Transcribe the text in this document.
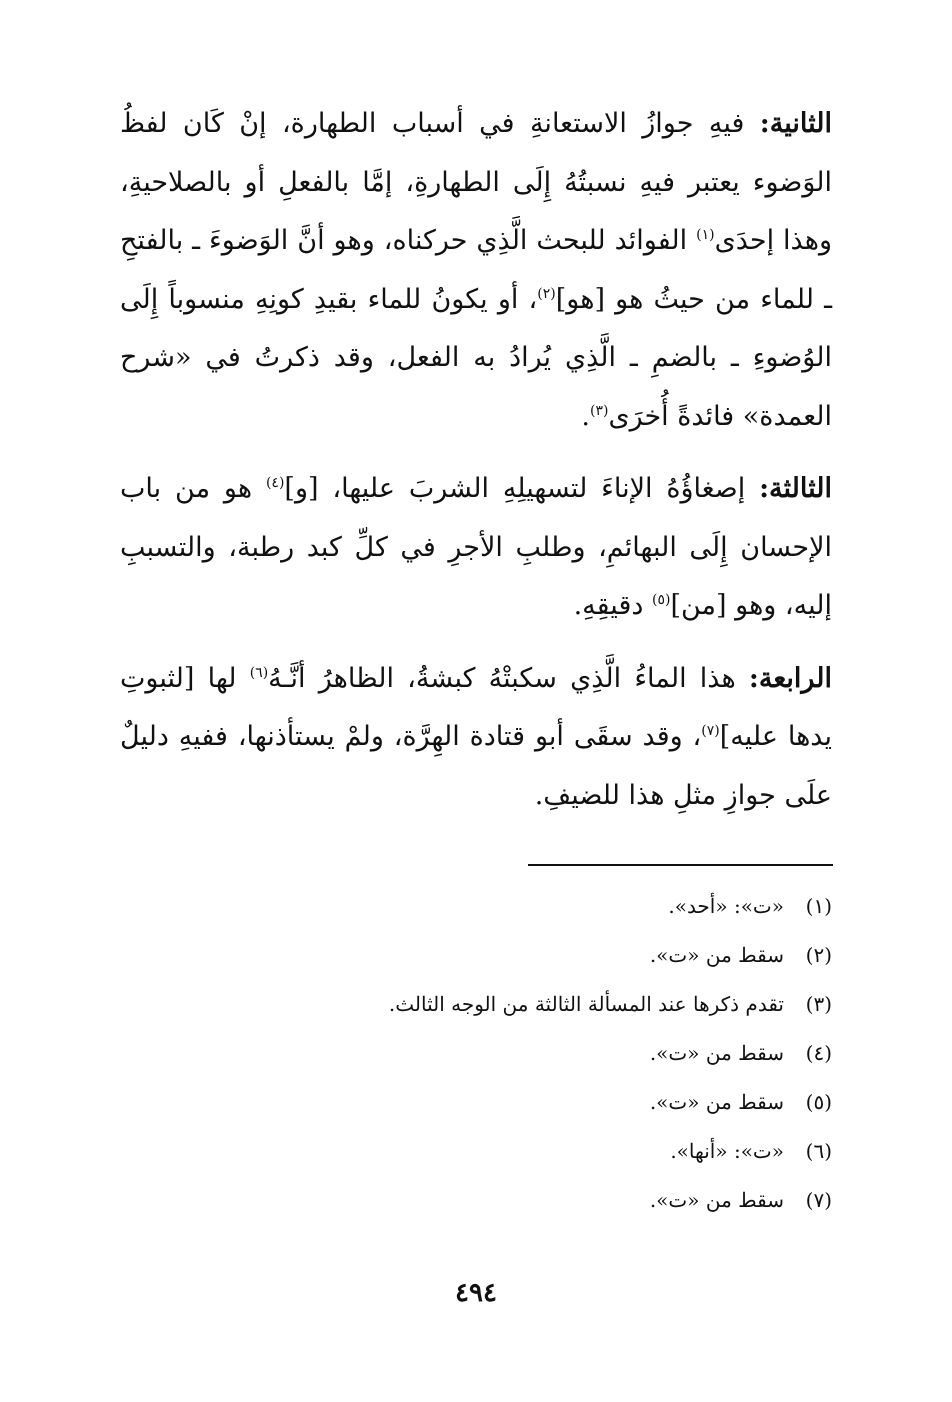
الثانية: فيهِ جوازُ الاستعانةِ في أسباب الطهارة، إنْ كَان لفظُ الوَضوء يعتبر فيهِ نسبتُهُ إِلَى الطهارةِ، إمَّا بالفعلِ أو بالصلاحيةِ، وهذا إحدَى$^{(١)}$ الفوائد للبحث الَّذِي حركناه، وهو أنَّ الوَضوءَ ـ بالفتحِ ـ للماء من حيثُ هو [هو]$^{(٢)}$، أو يكونُ للماء بقيدِ كونِهِ منسوباً إِلَى الوُضوءِ ـ بالضمِ ـ الَّذِي يُرادُ به الفعل، وقد ذكرتُ في «شرح العمدة» فائدةً أُخرَى$^{(٣)}$.

الثالثة: إصغاؤُهُ الإناءَ لتسهيلِهِ الشربَ عليها، [و]$^{(٤)}$ هو من باب الإحسان إِلَى البهائمِ، وطلبِ الأجرِ في كلِّ كبد رطبة، والتسببِ إليه، وهو [من]$^{(٥)}$ دقيقِهِ.

الرابعة: هذا الماءُ الَّذِي سكبتْهُ كبشةُ، الظاهرُ أنَّـهُ$^{(٦)}$ لها [لثبوتِ يدها عليه]$^{(٧)}$، وقد سقَى أبو قتادة الهِرَّة، ولمْ يستأذنها، ففيهِ دليلٌ علَى جوازِ مثلِ هذا للضيفِ.

(١)«ت»: «أحد».
(٢)سقط من «ت».
(٣)تقدم ذكرها عند المسألة الثالثة من الوجه الثالث.
(٤)سقط من «ت».
(٥)سقط من «ت».
(٦)«ت»: «أنها».
(٧)سقط من «ت».
٤٩٤
